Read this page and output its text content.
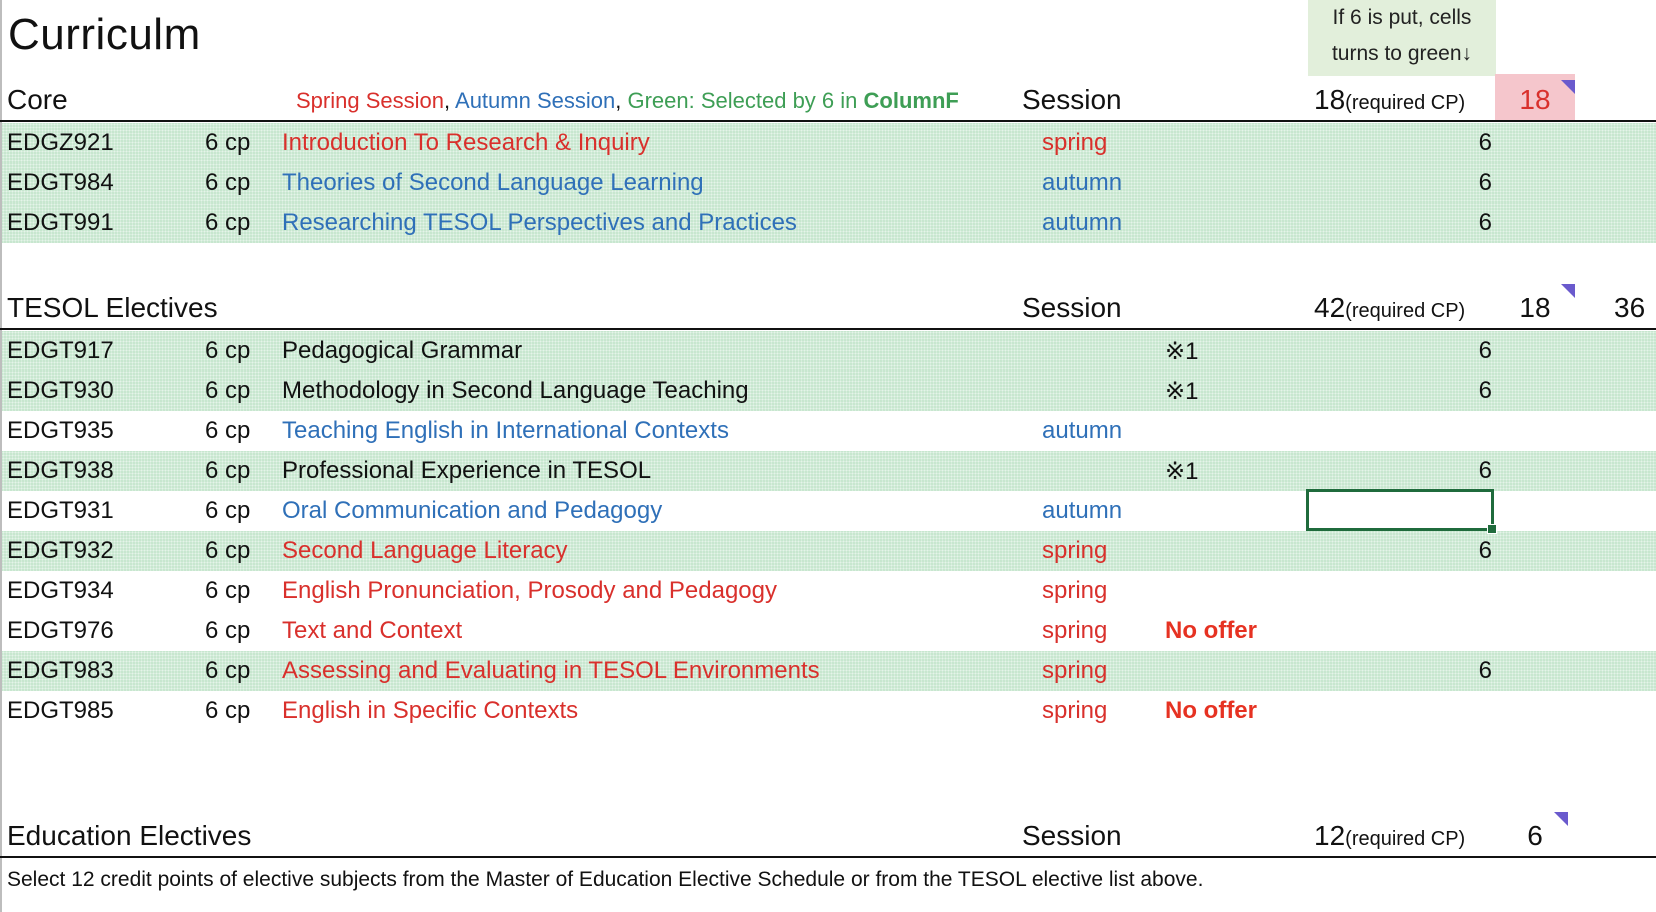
Curriculm	If 6 is put, cells
turns to green↓
Core	Spring Session, Autumn Session, Green: Selected by 6 in ColumnF Session	18(required CP)	18
EDGZ921	6 cp Introduction To Research & Inquiry	spring	6
EDGT984	6 cp Theories of Second Language Learning	autumn	6
EDGT991	6 cp Researching TESOL Perspectives and Practices	autumn	6
TESOL Electives	Session	42(required CP)	18	36
EDGT917	6 cp Pedagogical Grammar	※1	6
EDGT930	6 cp Methodology in Second Language Teaching	※1	6
EDGT935	6 cp Teaching English in International Contexts	autumn
EDGT938	6 cp Professional Experience in TESOL	※1	6
EDGT931	6 cp Oral Communication and Pedagogy	autumn
EDGT932	6 cp Second Language Literacy	spring	6
EDGT934	6 cp English Pronunciation, Prosody and Pedagogy	spring
EDGT976	6 cp Text and Context	spring No offer
EDGT983	6 cp Assessing and Evaluating in TESOL Environments	spring	6
EDGT985	6 cp English in Specific Contexts	spring No offer
Education Electives	Session	12(required CP)	6
Select 12 credit points of elective subjects from the Master of Education Elective Schedule or from the TESOL elective list above.
